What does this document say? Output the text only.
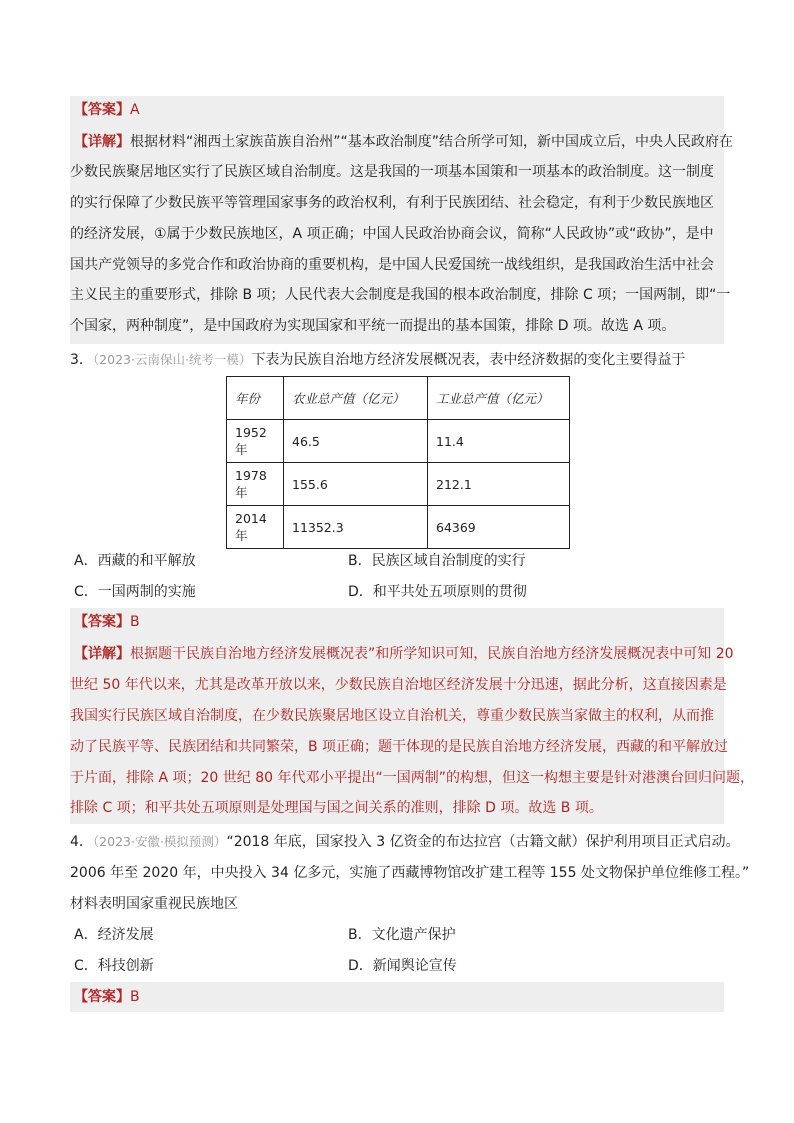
【答案】A
【详解】根据材料“湘西土家族苗族自治州”“基本政治制度”结合所学可知，新中国成立后，中央人民政府在
少数民族聚居地区实行了民族区域自治制度。这是我国的一项基本国策和一项基本的政治制度。这一制度
的实行保障了少数民族平等管理国家事务的政治权利，有利于民族团结、社会稳定，有利于少数民族地区
的经济发展，①属于少数民族地区，A 项正确；中国人民政治协商会议，简称“人民政协”或“政协”，是中
国共产党领导的多党合作和政治协商的重要机构，是中国人民爱国统一战线组织，是我国政治生活中社会
主义民主的重要形式，排除 B 项；人民代表大会制度是我国的根本政治制度，排除 C 项；一国两制，即“一
个国家，两种制度”，是中国政府为实现国家和平统一而提出的基本国策，排除 D 项。故选 A 项。
3．（2023·云南保山·统考一模）下表为民族自治地方经济发展概况表，表中经济数据的变化主要得益于
年份	农业总产值（亿元）	工业总产值（亿元）
1952 年	46.5	11.4
1978 年	155.6	212.1
2014 年	11352.3	64369
A．西藏的和平解放	B．民族区域自治制度的实行
C．一国两制的实施	D．和平共处五项原则的贯彻
【答案】B
【详解】根据题干民族自治地方经济发展概况表”和所学知识可知，民族自治地方经济发展概况表中可知 20
世纪 50 年代以来，尤其是改革开放以来，少数民族自治地区经济发展十分迅速，据此分析，这直接因素是
我国实行民族区域自治制度，在少数民族聚居地区设立自治机关，尊重少数民族当家做主的权利，从而推
动了民族平等、民族团结和共同繁荣，B 项正确；题干体现的是民族自治地方经济发展，西藏的和平解放过
于片面，排除 A 项；20 世纪 80 年代邓小平提出“一国两制”的构想，但这一构想主要是针对港澳台回归问题，
排除 C 项；和平共处五项原则是处理国与国之间关系的准则，排除 D 项。故选 B 项。
4．（2023·安徽·模拟预测）“2018 年底，国家投入 3 亿资金的布达拉宫（古籍文献）保护利用项目正式启动。
2006 年至 2020 年，中央投入 34 亿多元，实施了西藏博物馆改扩建工程等 155 处文物保护单位维修工程。”
材料表明国家重视民族地区
A．经济发展	B．文化遗产保护
C．科技创新	D．新闻舆论宣传
【答案】B
